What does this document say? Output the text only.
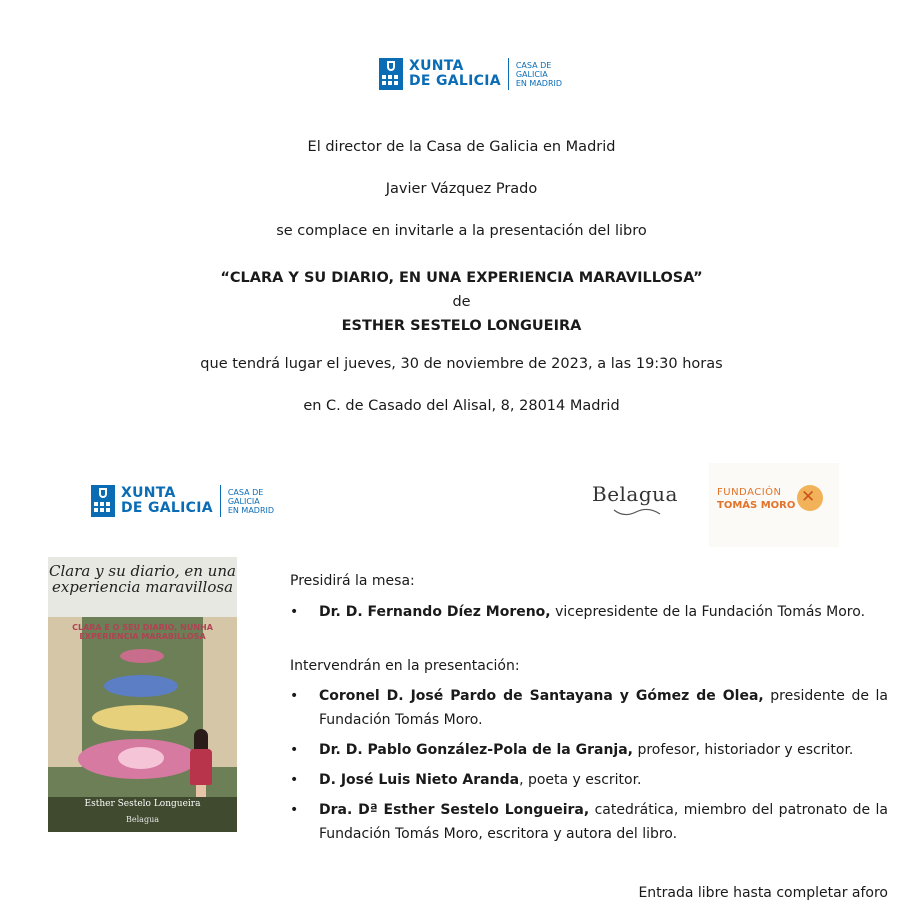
XUNTA
DE GALICIA
CASA DE
GALICIA
EN MADRID
El director de la Casa de Galicia en Madrid
Javier Vázquez Prado
se complace en invitarle a la presentación del libro
“CLARA Y SU DIARIO, EN UNA EXPERIENCIA MARAVILLOSA”
de
ESTHER SESTELO LONGUEIRA
que tendrá lugar el jueves, 30 de noviembre de 2023, a las 19:30 horas
en C. de Casado del Alisal, 8, 28014 Madrid
XUNTA
DE GALICIA
CASA DE
GALICIA
EN MADRID
Belagua	FUNDACIÓN
TOMÁS MORO ✕
Clara y su diario, en una experiencia maravillosa
CLARA E O SEU DIARIO, NUNHA EXPERIENCIA MARABILLOSA
Esther Sestelo Longueira
Belagua
Presidirá la mesa:
• Dr. D. Fernando Díez Moreno, vicepresidente de la Fundación Tomás Moro.
Intervendrán en la presentación:
• Coronel D. José Pardo de Santayana y Gómez de Olea, presidente de la Fundación Tomás Moro.
• Dr. D. Pablo González-Pola de la Granja, profesor, historiador y escritor.
• D. José Luis Nieto Aranda, poeta y escritor.
• Dra. Dª Esther Sestelo Longueira, catedrática, miembro del patronato de la Fundación Tomás Moro, escritora y autora del libro.
Entrada libre hasta completar aforo
